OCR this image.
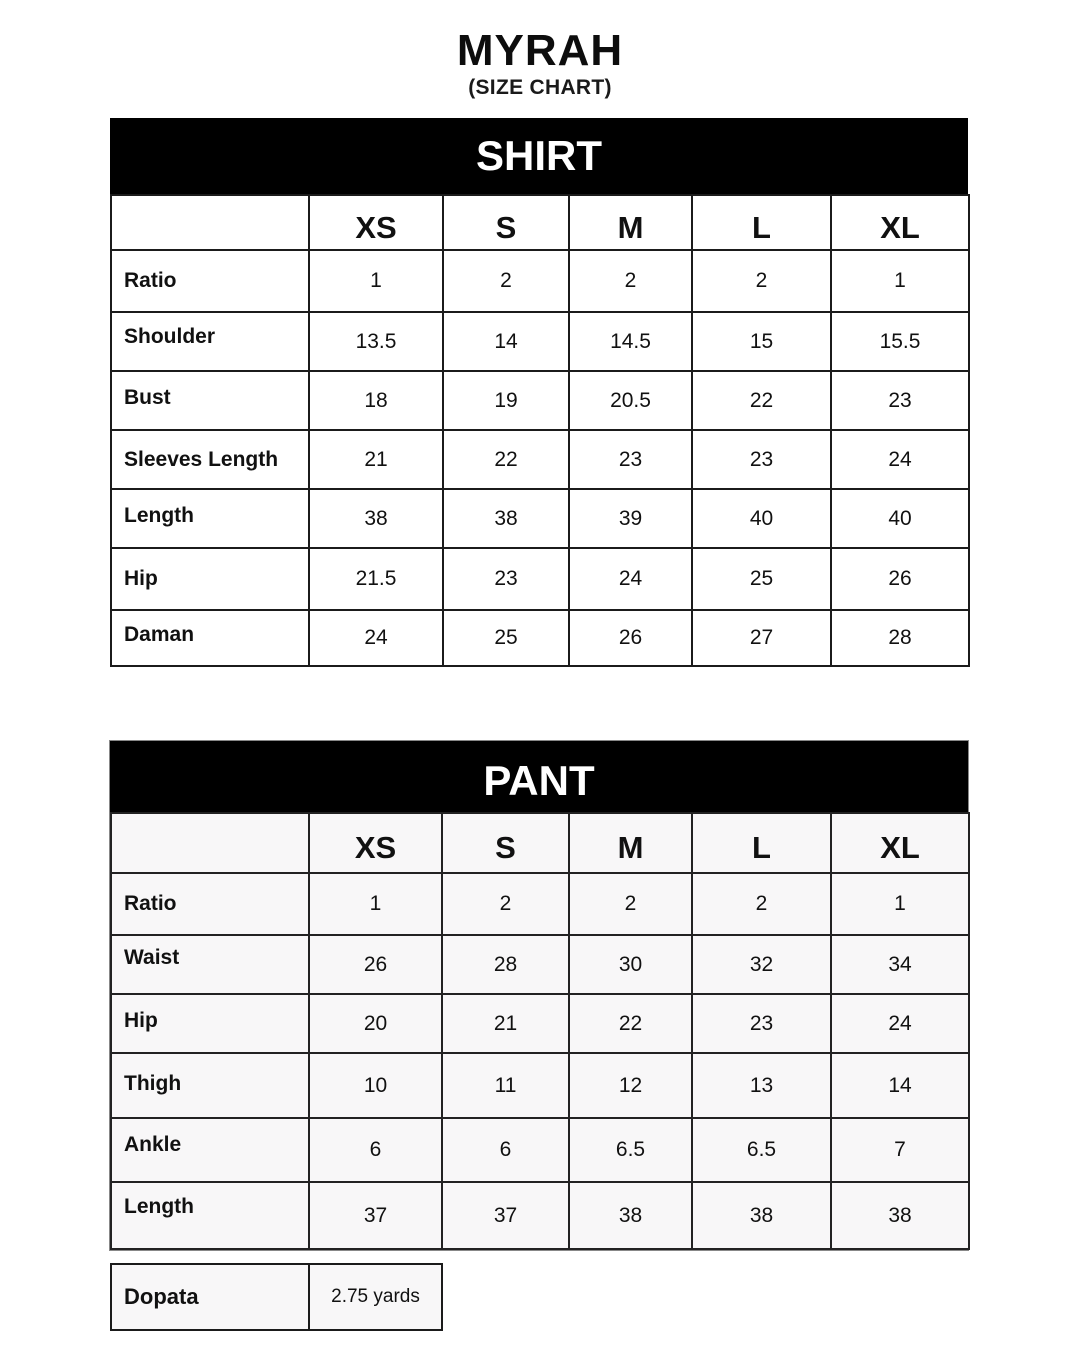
MYRAH
(SIZE CHART)
SHIRT
	XS	S	M	L	XL
Ratio	1	2	2	2	1
Shoulder	13.5	14	14.5	15	15.5
Bust	18	19	20.5	22	23
Sleeves Length	21	22	23	23	24
Length	38	38	39	40	40
Hip	21.5	23	24	25	26
Daman	24	25	26	27	28
PANT
	XS	S	M	L	XL
Ratio	1	2	2	2	1
Waist	26	28	30	32	34
Hip	20	21	22	23	24
Thigh	10	11	12	13	14
Ankle	6	6	6.5	6.5	7
Length	37	37	38	38	38
Dopata	2.75 yards
